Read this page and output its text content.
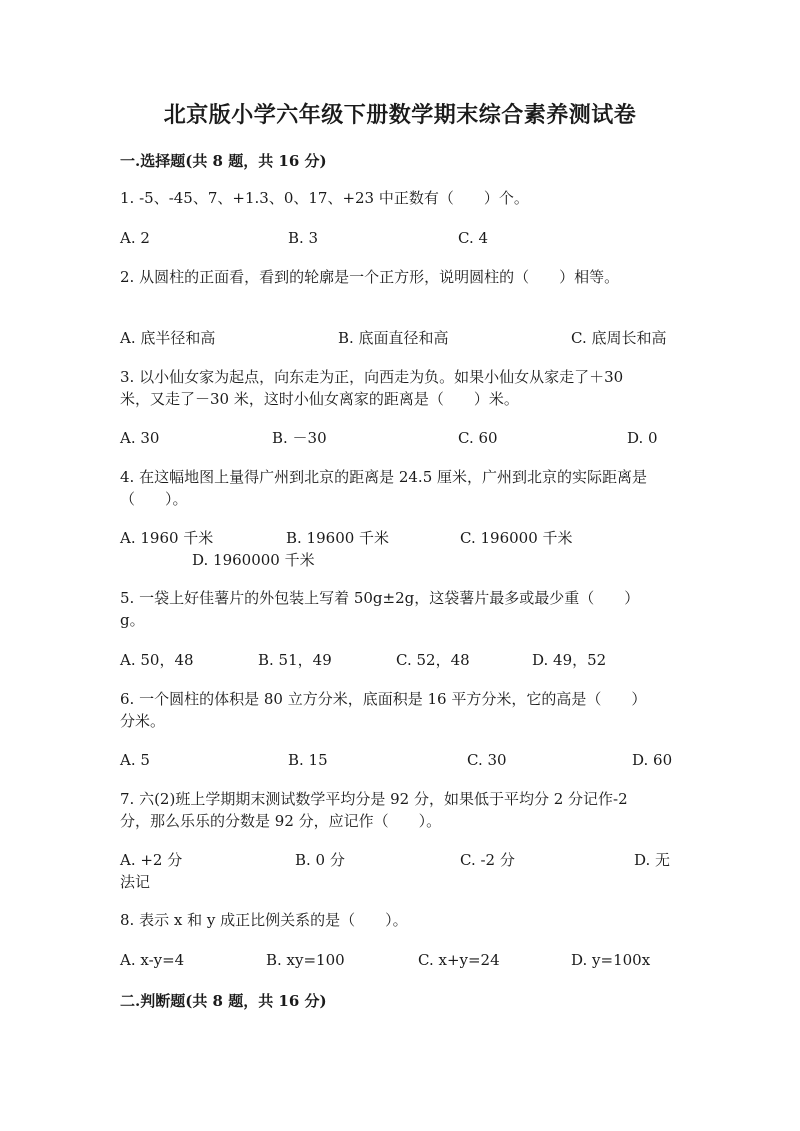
北京版小学六年级下册数学期末综合素养测试卷
一.选择题(共 8 题，共 16 分)
1. -5、-45、7、+1.3、0、17、+23 中正数有（　　）个。
A. 2	B. 3	C. 4
2. 从圆柱的正面看，看到的轮廓是一个正方形，说明圆柱的（　　）相等。
A. 底半径和高	B. 底面直径和高	C. 底周长和高
3. 以小仙女家为起点，向东走为正，向西走为负。如果小仙女从家走了＋30
米，又走了－30 米，这时小仙女离家的距离是（　　）米。
A. 30	B. －30	C. 60	D. 0
4. 在这幅地图上量得广州到北京的距离是 24.5 厘米，广州到北京的实际距离是
（　　）。
A. 1960 千米	B. 19600 千米	C. 196000 千米
D. 1960000 千米
5. 一袋上好佳薯片的外包装上写着 50g±2g，这袋薯片最多或最少重（　　）
g。
A. 50，48	B. 51，49	C. 52，48	D. 49，52
6. 一个圆柱的体积是 80 立方分米，底面积是 16 平方分米，它的高是（　　）
分米。
A. 5	B. 15	C. 30	D. 60
7. 六(2)班上学期期末测试数学平均分是 92 分，如果低于平均分 2 分记作-2
分，那么乐乐的分数是 92 分，应记作（　　）。
A. +2 分	B. 0 分	C. -2 分	D. 无
法记
8. 表示 x 和 y 成正比例关系的是（　　）。
A. x-y=4	B. xy=100	C. x+y=24	D. y=100x
二.判断题(共 8 题，共 16 分)
